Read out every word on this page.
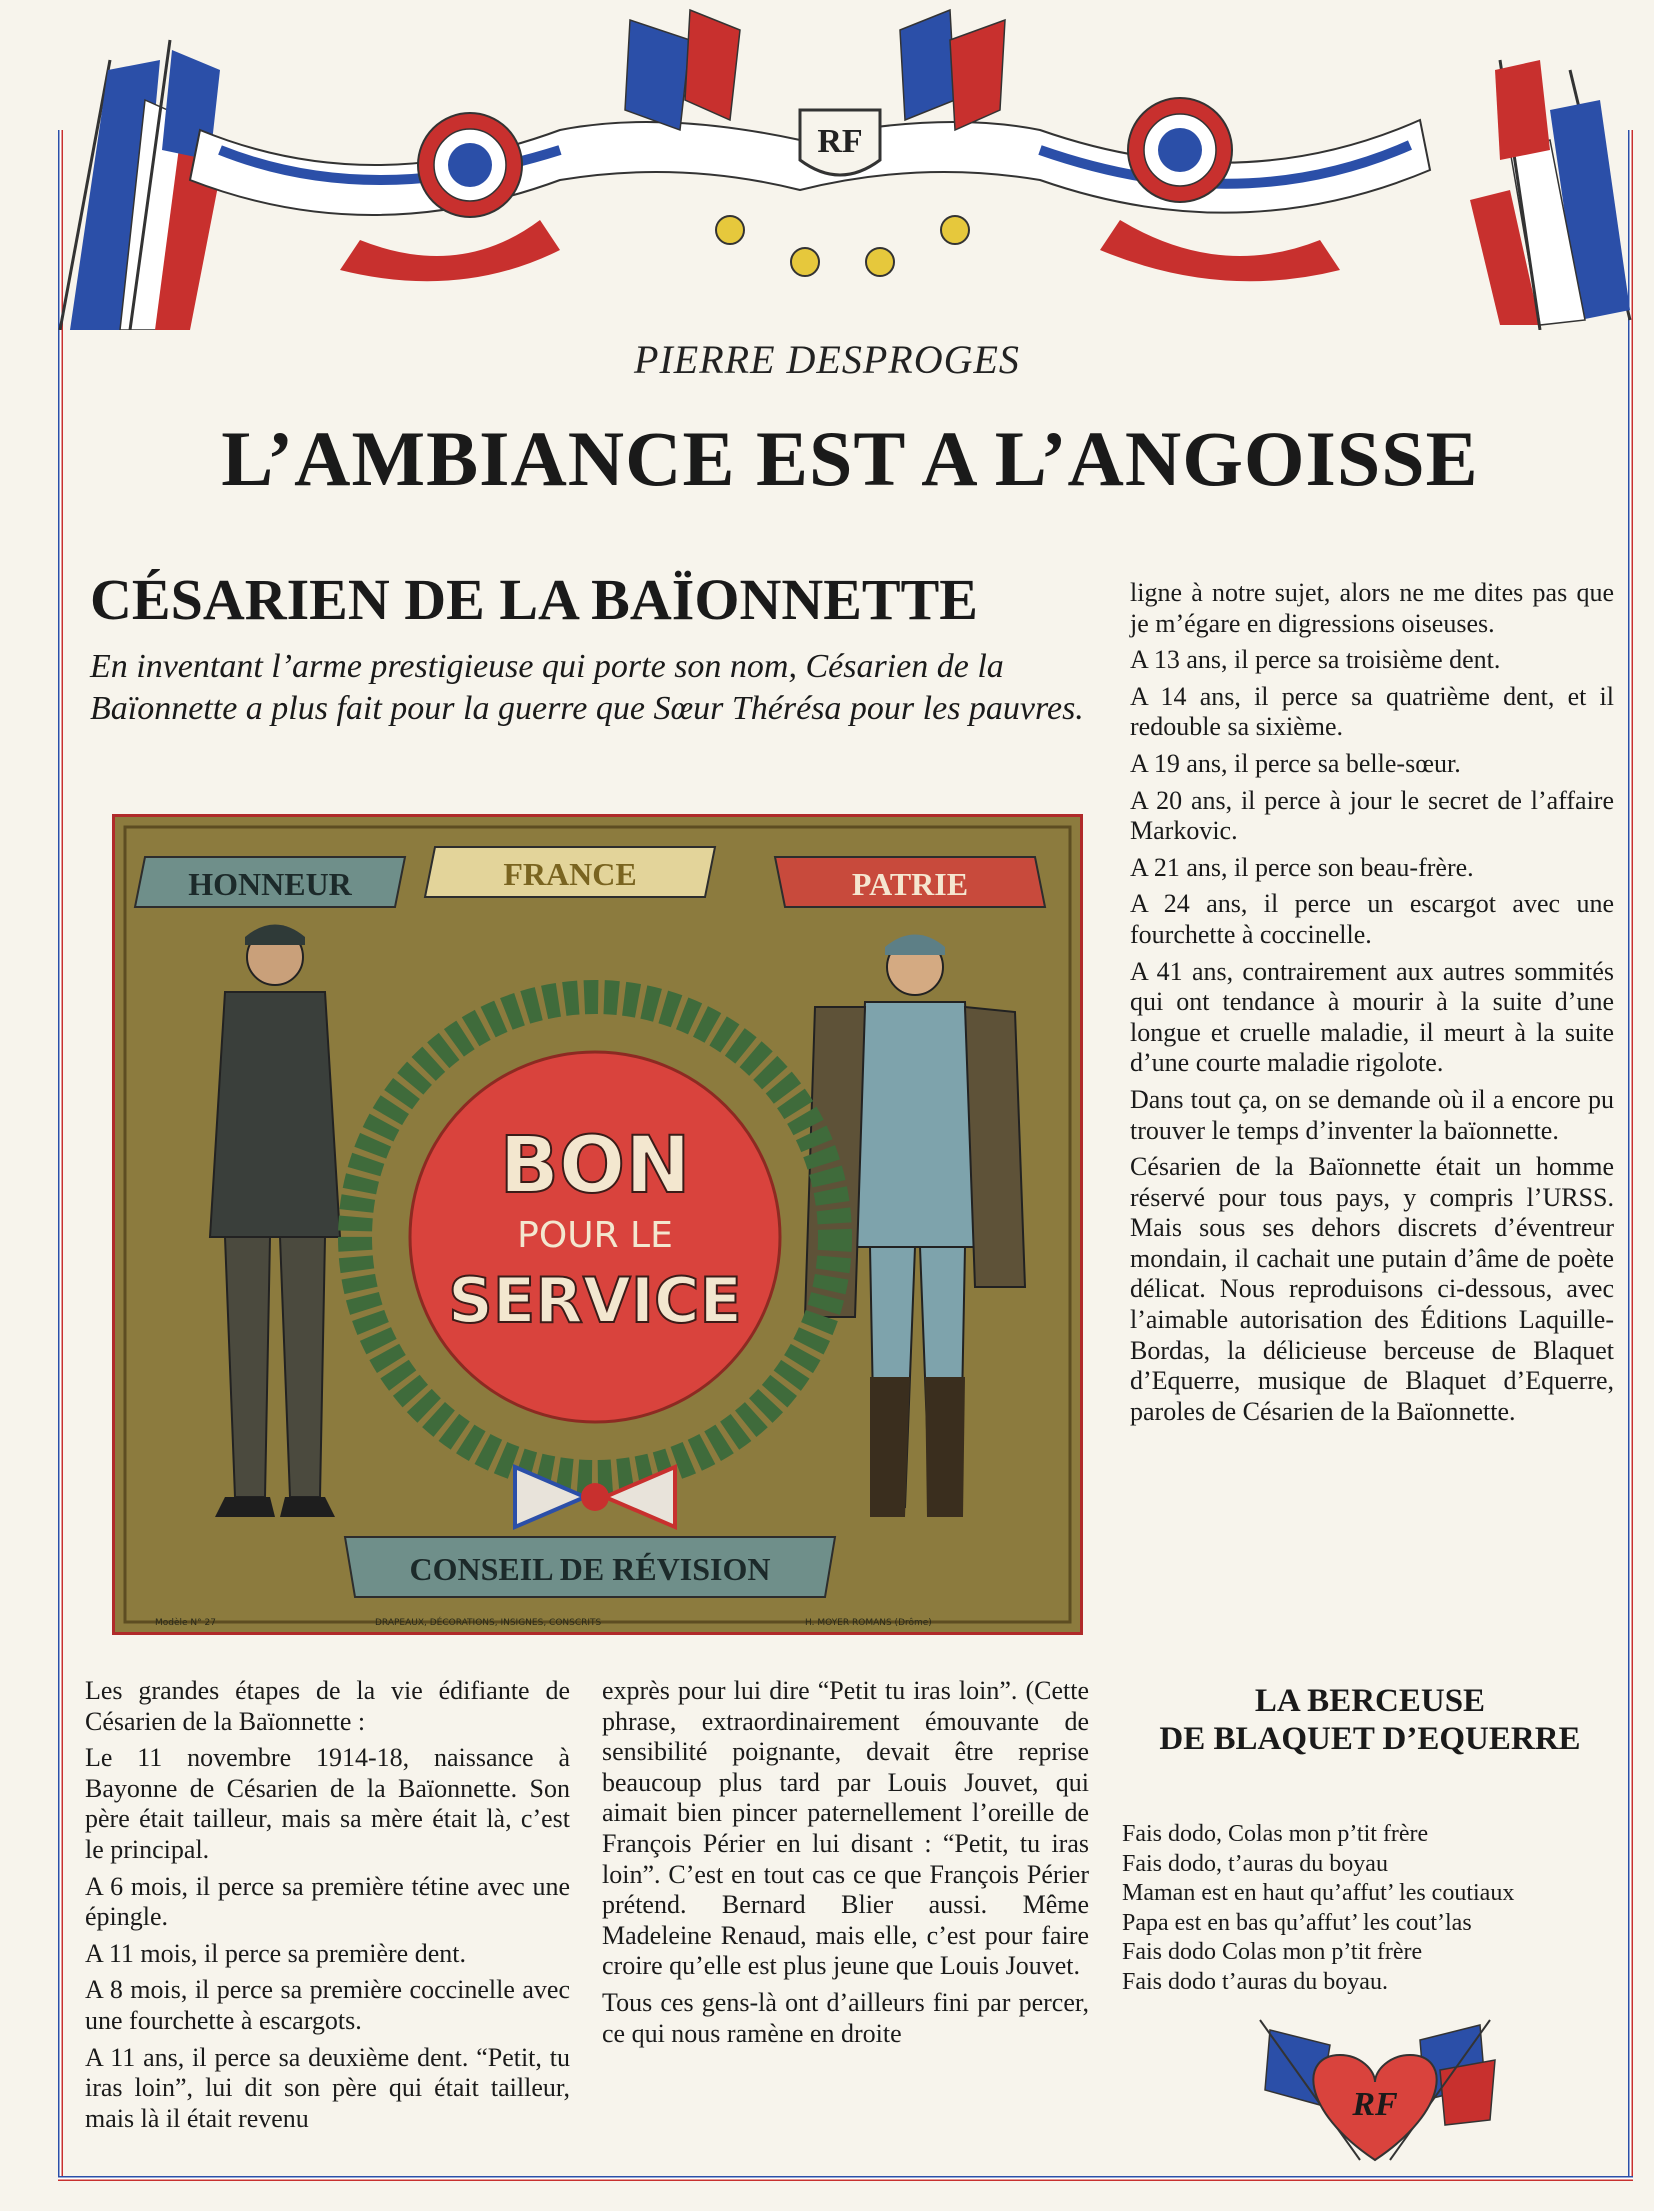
RF
PIERRE DESPROGES
L’AMBIANCE EST A L’ANGOISSE
CÉSARIEN DE LA BAÏONNETTE
En inventant l’arme prestigieuse qui porte son nom, Césarien de la Baïonnette a plus fait pour la guerre que Sœur Thérésa pour les pauvres.
HONNEUR	FRANCE	PATRIE
BON
POUR LE
SERVICE
CONSEIL DE RÉVISION
Modèle N° 27	DRAPEAUX, DÉCORATIONS, INSIGNES, CONSCRITS	H. MOYER ROMANS (Drôme)

ligne à notre sujet, alors ne me dites pas que je m’égare en digressions oiseuses.

A 13 ans, il perce sa troisième dent.

A 14 ans, il perce sa quatrième dent, et il redouble sa sixième.

A 19 ans, il perce sa belle-sœur.

A 20 ans, il perce à jour le secret de l’affaire Markovic.

A 21 ans, il perce son beau-frère.

A 24 ans, il perce un escargot avec une fourchette à coccinelle.

A 41 ans, contrairement aux autres sommités qui ont tendance à mourir à la suite d’une longue et cruelle maladie, il meurt à la suite d’une courte maladie rigolote.

Dans tout ça, on se demande où il a encore pu trouver le temps d’inventer la baïonnette.

Césarien de la Baïonnette était un homme réservé pour tous pays, y compris l’URSS. Mais sous ses dehors discrets d’éventreur mondain, il cachait une putain d’âme de poète délicat. Nous reproduisons ci-dessous, avec l’aimable autorisation des Éditions Laquille-Bordas, la délicieuse berceuse de Blaquet d’Equerre, musique de Blaquet d’Equerre, paroles de Césarien de la Baïonnette.

Les grandes étapes de la vie édifiante de Césarien de la Baïonnette :

Le 11 novembre 1914-18, naissance à Bayonne de Césarien de la Baïonnette. Son père était tailleur, mais sa mère était là, c’est le principal.

A 6 mois, il perce sa première tétine avec une épingle.

A 11 mois, il perce sa première dent.

A 8 mois, il perce sa première coccinelle avec une fourchette à escargots.

A 11 ans, il perce sa deuxième dent. “Petit, tu iras loin”, lui dit son père qui était tailleur, mais là il était revenu

exprès pour lui dire “Petit tu iras loin”. (Cette phrase, extraordinairement émouvante de sensibilité poignante, devait être reprise beaucoup plus tard par Louis Jouvet, qui aimait bien pincer paternellement l’oreille de François Périer en lui disant : “Petit, tu iras loin”. C’est en tout cas ce que François Périer prétend. Bernard Blier aussi. Même Madeleine Renaud, mais elle, c’est pour faire croire qu’elle est plus jeune que Louis Jouvet.

Tous ces gens-là ont d’ailleurs fini par percer, ce qui nous ramène en droite

LA BERCEUSE
DE BLAQUET D’EQUERRE
Fais dodo, Colas mon p’tit frère
Fais dodo, t’auras du boyau
Maman est en haut qu’affut’ les coutiaux
Papa est en bas qu’affut’ les cout’las
Fais dodo Colas mon p’tit frère
Fais dodo t’auras du boyau.
RF
